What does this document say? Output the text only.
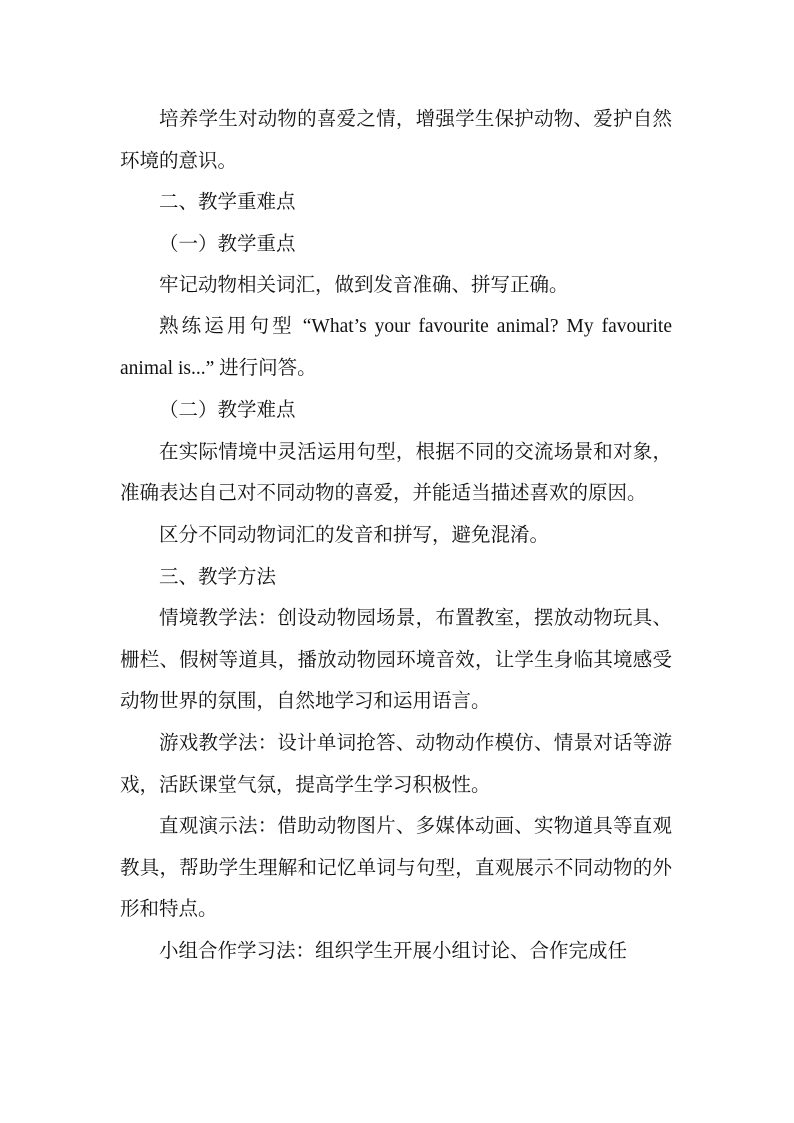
培养学生对动物的喜爱之情，增强学生保护动物、爱护自然环境的意识。

二、教学重难点

（一）教学重点

牢记动物相关词汇，做到发音准确、拼写正确。

熟练运用句型 “What’s your favourite animal? My favourite animal is...” 进行问答。

（二）教学难点

在实际情境中灵活运用句型，根据不同的交流场景和对象，准确表达自己对不同动物的喜爱，并能适当描述喜欢的原因。

区分不同动物词汇的发音和拼写，避免混淆。

三、教学方法

情境教学法：创设动物园场景，布置教室，摆放动物玩具、栅栏、假树等道具，播放动物园环境音效，让学生身临其境感受动物世界的氛围，自然地学习和运用语言。

游戏教学法：设计单词抢答、动物动作模仿、情景对话等游戏，活跃课堂气氛，提高学生学习积极性。

直观演示法：借助动物图片、多媒体动画、实物道具等直观教具，帮助学生理解和记忆单词与句型，直观展示不同动物的外形和特点。

小组合作学习法：组织学生开展小组讨论、合作完成任
